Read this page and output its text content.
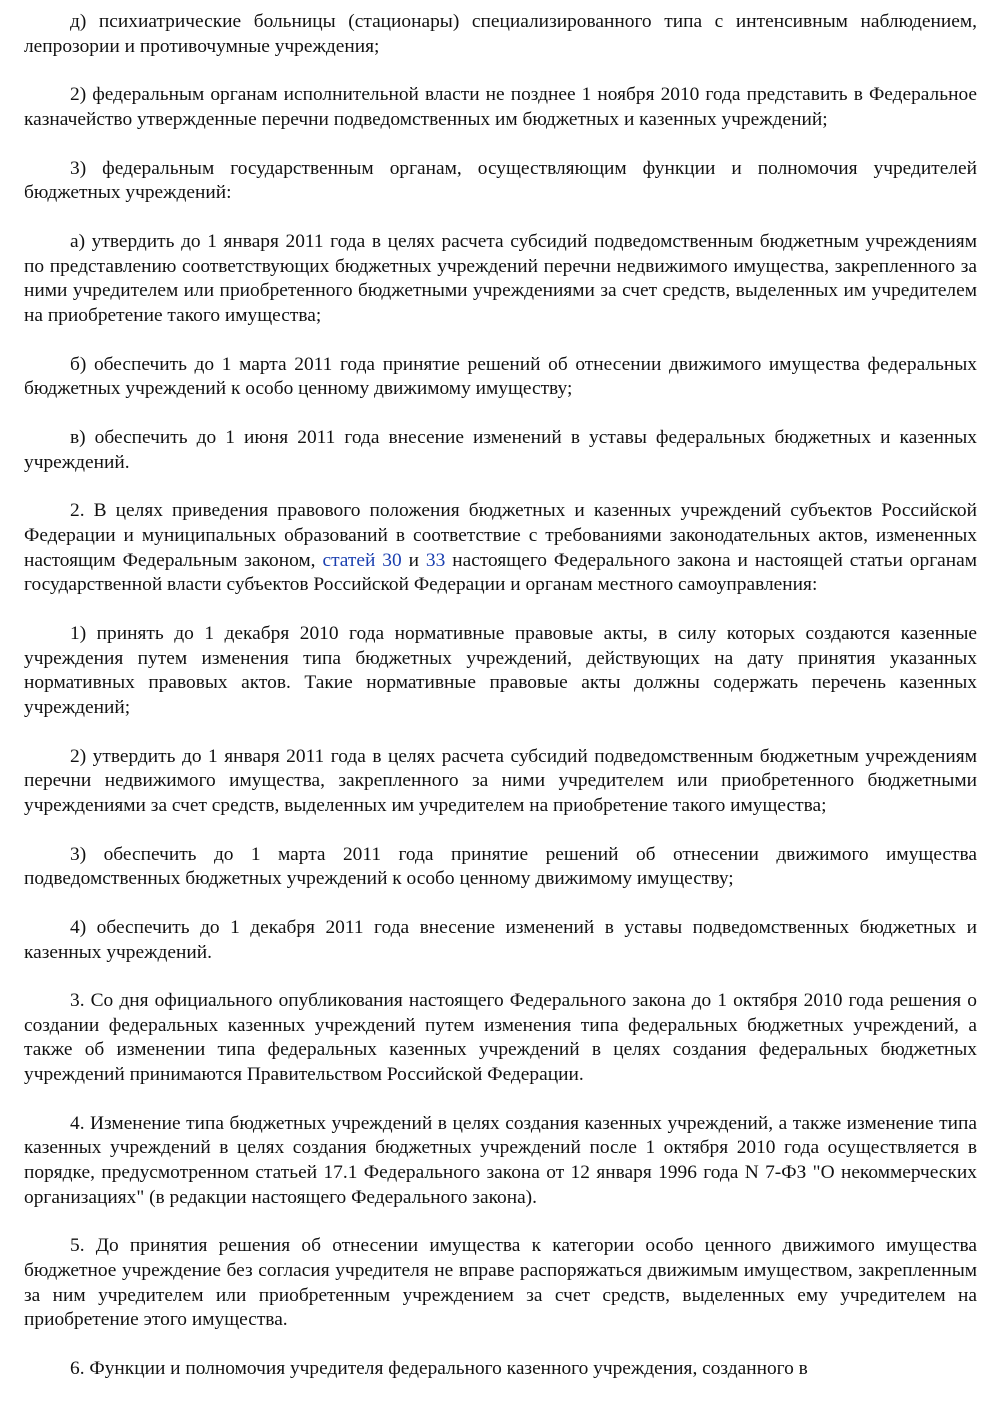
д) психиатрические больницы (стационары) специализированного типа с интенсивным наблюдением, лепрозории и противочумные учреждения;

2) федеральным органам исполнительной власти не позднее 1 ноября 2010 года представить в Федеральное казначейство утвержденные перечни подведомственных им бюджетных и казенных учреждений;

3) федеральным государственным органам, осуществляющим функции и полномочия учредителей бюджетных учреждений:

а) утвердить до 1 января 2011 года в целях расчета субсидий подведомственным бюджетным учреждениям по представлению соответствующих бюджетных учреждений перечни недвижимого имущества, закрепленного за ними учредителем или приобретенного бюджетными учреждениями за счет средств, выделенных им учредителем на приобретение такого имущества;

б) обеспечить до 1 марта 2011 года принятие решений об отнесении движимого имущества федеральных бюджетных учреждений к особо ценному движимому имуществу;

в) обеспечить до 1 июня 2011 года внесение изменений в уставы федеральных бюджетных и казенных учреждений.

2. В целях приведения правового положения бюджетных и казенных учреждений субъектов Российской Федерации и муниципальных образований в соответствие с требованиями законодательных актов, измененных настоящим Федеральным законом, статей 30 и 33 настоящего Федерального закона и настоящей статьи органам государственной власти субъектов Российской Федерации и органам местного самоуправления:

1) принять до 1 декабря 2010 года нормативные правовые акты, в силу которых создаются казенные учреждения путем изменения типа бюджетных учреждений, действующих на дату принятия указанных нормативных правовых актов. Такие нормативные правовые акты должны содержать перечень казенных учреждений;

2) утвердить до 1 января 2011 года в целях расчета субсидий подведомственным бюджетным учреждениям перечни недвижимого имущества, закрепленного за ними учредителем или приобретенного бюджетными учреждениями за счет средств, выделенных им учредителем на приобретение такого имущества;

3) обеспечить до 1 марта 2011 года принятие решений об отнесении движимого имущества подведомственных бюджетных учреждений к особо ценному движимому имуществу;

4) обеспечить до 1 декабря 2011 года внесение изменений в уставы подведомственных бюджетных и казенных учреждений.

3. Со дня официального опубликования настоящего Федерального закона до 1 октября 2010 года решения о создании федеральных казенных учреждений путем изменения типа федеральных бюджетных учреждений, а также об изменении типа федеральных казенных учреждений в целях создания федеральных бюджетных учреждений принимаются Правительством Российской Федерации.

4. Изменение типа бюджетных учреждений в целях создания казенных учреждений, а также изменение типа казенных учреждений в целях создания бюджетных учреждений после 1 октября 2010 года осуществляется в порядке, предусмотренном статьей 17.1 Федерального закона от 12 января 1996 года N 7-ФЗ "О некоммерческих организациях" (в редакции настоящего Федерального закона).

5. До принятия решения об отнесении имущества к категории особо ценного движимого имущества бюджетное учреждение без согласия учредителя не вправе распоряжаться движимым имуществом, закрепленным за ним учредителем или приобретенным учреждением за счет средств, выделенных ему учредителем на приобретение этого имущества.

6. Функции и полномочия учредителя федерального казенного учреждения, созданного в
